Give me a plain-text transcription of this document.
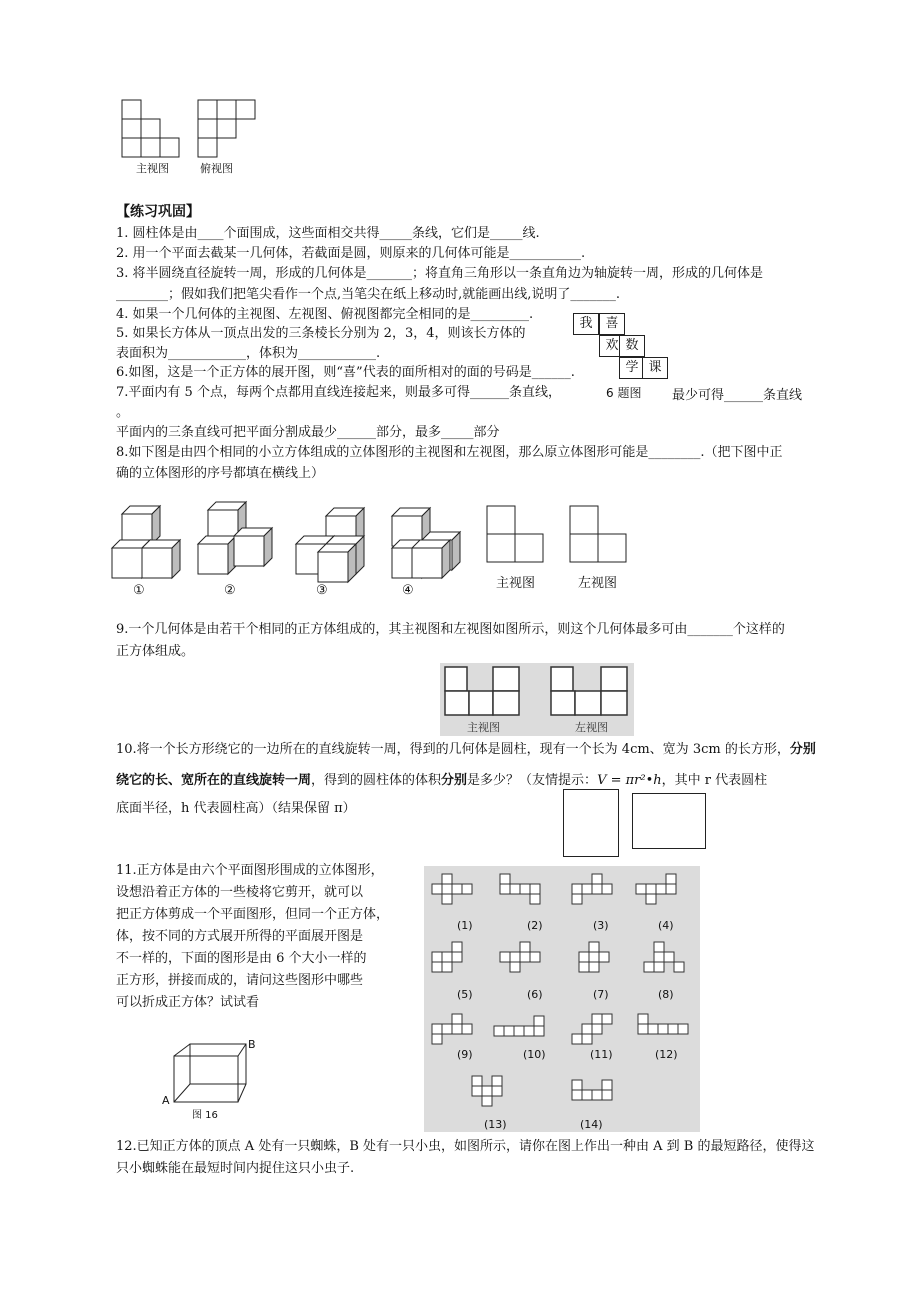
主视图	俯视图
【练习巩固】
1. 圆柱体是由____个面围成，这些面相交共得_____条线，它们是_____线.
2. 用一个平面去截某一几何体，若截面是圆，则原来的几何体可能是___________.
3. 将半圆绕直径旋转一周，形成的几何体是_______；将直角三角形以一条直角边为轴旋转一周，形成的几何体是
________；假如我们把笔尖看作一个点,当笔尖在纸上移动时,就能画出线,说明了_______.
4. 如果一个几何体的主视图、左视图、俯视图都完全相同的是_________.
5. 如果长方体从一顶点出发的三条棱长分别为 2，3，4，则该长方体的
表面积为____________，体积为____________.
6.如图，这是一个正方体的展开图，则“喜”代表的面所相对的面的号码是______.
我 喜
欢 数
学 课
7.平面内有 5 个点，每两个点都用直线连接起来，则最多可得______条直线，	6 题图 最少可得______条直线
。
平面内的三条直线可把平面分割成最少______部分，最多_____部分
8.如下图是由四个相同的小立方体组成的立体图形的主视图和左视图，那么原立体图形可能是________.（把下图中正
确的立体图形的序号都填在横线上）
①	②	③	④	主视图	左视图
9.一个几何体是由若干个相同的正方体组成的，其主视图和左视图如图所示，则这个几何体最多可由_______个这样的
正方体组成。
主视图	左视图
10.将一个长方形绕它的一边所在的直线旋转一周，得到的几何体是圆柱，现有一个长为 4cm、宽为 3cm 的长方形，分别
绕它的长、宽所在的直线旋转一周，得到的圆柱体的体积分别是多少？（友情提示：V = πr²•h，其中 r 代表圆柱
底面半径，h 代表圆柱高）（结果保留 π）
11.正方体是由六个平面图形围成的立体图形，
设想沿着正方体的一些棱将它剪开，就可以
把正方体剪成一个平面图形，但同一个正方体，
体，按不同的方式展开所得的平面展开图是
不一样的，下面的图形是由 6 个大小一样的
正方形，拼接而成的，请问这些图形中哪些
可以折成正方体？试试看
(1)	(2)	(3)	(4)
(5)	(6)	(7)	(8)
(9)	(10)	(11)	(12)
(13)	(14)
B
A
图 16
12.已知正方体的顶点 A 处有一只蜘蛛，B 处有一只小虫，如图所示，请你在图上作出一种由 A 到 B 的最短路径，使得这
只小蜘蛛能在最短时间内捉住这只小虫子.
